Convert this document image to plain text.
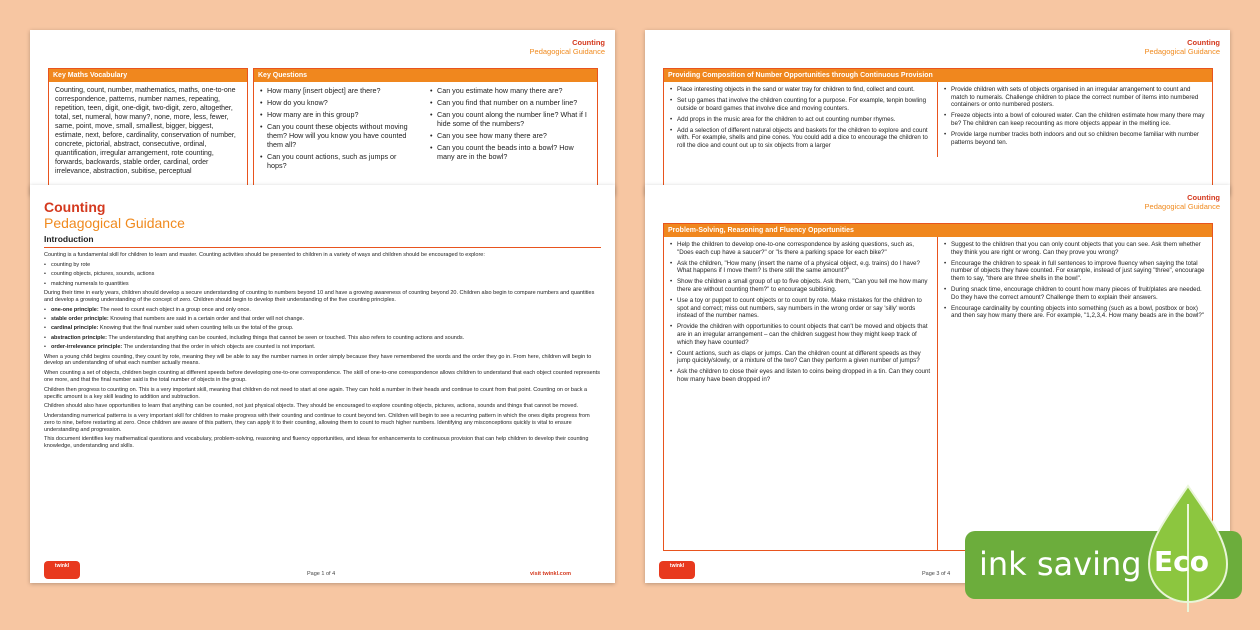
Counting
Pedagogical Guidance
Key Maths Vocabulary
Counting, count, number, mathematics, maths, one-to-one correspondence, patterns, number names, repeating, repetition, teen, digit, one-digit, two-digit, zero, altogether, total, set, numeral, how many?, none, more, less, fewer, same, point, move, small, smallest, bigger, biggest, estimate, next, before, cardinality, conservation of number, concrete, pictorial, abstract, consecutive, ordinal, quantification, irregular arrangement, rote counting, forwards, backwards, stable order, cardinal, order irrelevance, abstraction, subitise, perceptual
Key Questions
• How many [insert object] are there?
• How do you know?
• How many are in this group?
• Can you count these objects without moving them? How will you know you have counted them all?
• Can you count actions, such as jumps or hops?
• Can you estimate how many there are?
• Can you find that number on a number line?
• Can you count along the number line? What if I hide some of the numbers?
• Can you see how many there are?
• Can you count the beads into a bowl? How many are in the bowl?
Counting
Pedagogical Guidance
Providing Composition of Number Opportunities through Continuous Provision
• Place interesting objects in the sand or water tray for children to find, collect and count.
• Set up games that involve the children counting for a purpose. For example, tenpin bowling outside or board games that involve dice and moving counters.
• Add props in the music area for the children to act out counting number rhymes.
• Add a selection of different natural objects and baskets for the children to explore and count with. For example, shells and pine cones. You could add a dice to encourage the children to roll the dice and count out up to six objects from a larger
• Provide children with sets of objects organised in an irregular arrangement to count and match to numerals. Challenge children to place the correct number of items into numbered containers or onto numbered posters.
• Freeze objects into a bowl of coloured water. Can the children estimate how many there may be? The children can keep recounting as more objects appear in the melting ice.
• Provide large number tracks both indoors and out so children become familiar with number patterns beyond ten.
Counting
Pedagogical Guidance
Introduction

Counting is a fundamental skill for children to learn and master. Counting activities should be presented to children in a variety of ways and children should be encouraged to explore:

• counting by rote
• counting objects, pictures, sounds, actions
• matching numerals to quantities

During their time in early years, children should develop a secure understanding of counting to numbers beyond 10 and have a growing awareness of counting beyond 20. Children also begin to compare numbers and quantities and develop a growing understanding of the concept of zero. Children should begin to develop their understanding of the five counting principles.

• one-one principle: The need to count each object in a group once and only once.
• stable order principle: Knowing that numbers are said in a certain order and that order will not change.
• cardinal principle: Knowing that the final number said when counting tells us the total of the group.
• abstraction principle: The understanding that anything can be counted, including things that cannot be seen or touched. This also refers to counting actions and sounds.
• order-irrelevance principle: The understanding that the order in which objects are counted is not important.

When a young child begins counting, they count by rote, meaning they will be able to say the number names in order simply because they have remembered the words and the order they go in. From here, children will begin to develop an understanding of what each number actually means.

When counting a set of objects, children begin counting at different speeds before developing one-to-one correspondence. The skill of one-to-one correspondence allows children to understand that each object counted represents one more, and that the final number said is the total number of objects in the group.

Children then progress to counting on. This is a very important skill, meaning that children do not need to start at one again. They can hold a number in their heads and continue to count from that point. Counting on or back a specific amount is a key skill leading to addition and subtraction.

Children should also have opportunities to learn that anything can be counted, not just physical objects. They should be encouraged to explore counting objects, pictures, actions, sounds and things that cannot be moved.

Understanding numerical patterns is a very important skill for children to make progress with their counting and continue to count beyond ten. Children will begin to see a recurring pattern in which the ones digits progress from zero to nine, before restarting at zero. Once children are aware of this pattern, they can apply it to their counting, allowing them to count to much higher numbers. Identifying any misconceptions quickly is vital to ensure understanding and progression.

This document identifies key mathematical questions and vocabulary, problem-solving, reasoning and fluency opportunities, and ideas for enhancements to continuous provision that can help children to develop their counting knowledge, understanding and skills.

twinkl
Page 1 of 4	visit twinkl.com
Counting
Pedagogical Guidance
Problem-Solving, Reasoning and Fluency Opportunities
• Help the children to develop one-to-one correspondence by asking questions, such as, "Does each cup have a saucer?" or "Is there a parking space for each bike?"
• Ask the children, "How many (insert the name of a physical object, e.g. trains) do I have? What happens if I move them? Is there still the same amount?"
• Show the children a small group of up to five objects. Ask them, "Can you tell me how many there are without counting them?" to encourage subitising.
• Use a toy or puppet to count objects or to count by rote. Make mistakes for the children to spot and correct; miss out numbers, say numbers in the wrong order or say 'silly' words instead of the number names.
• Provide the children with opportunities to count objects that can't be moved and objects that are in an irregular arrangement – can the children suggest how they might keep track of which they have counted?
• Count actions, such as claps or jumps. Can the children count at different speeds as they jump quickly/slowly, or a mixture of the two? Can they perform a given number of jumps?
• Ask the children to close their eyes and listen to coins being dropped in a tin. Can they count how many have been dropped in?
• Suggest to the children that you can only count objects that you can see. Ask them whether they think you are right or wrong. Can they prove you wrong?
• Encourage the children to speak in full sentences to improve fluency when saying the total number of objects they have counted. For example, instead of just saying "three", encourage them to say, "there are three shells in the bowl".
• During snack time, encourage children to count how many pieces of fruit/plates are needed. Do they have the correct amount? Challenge them to explain their answers.
• Encourage cardinality by counting objects into something (such as a bowl, postbox or box) and then say how many there are. For example, "1,2,3,4. How many beads are in the bowl?"
twinkl
Page 3 of 4 ink saving Eco
